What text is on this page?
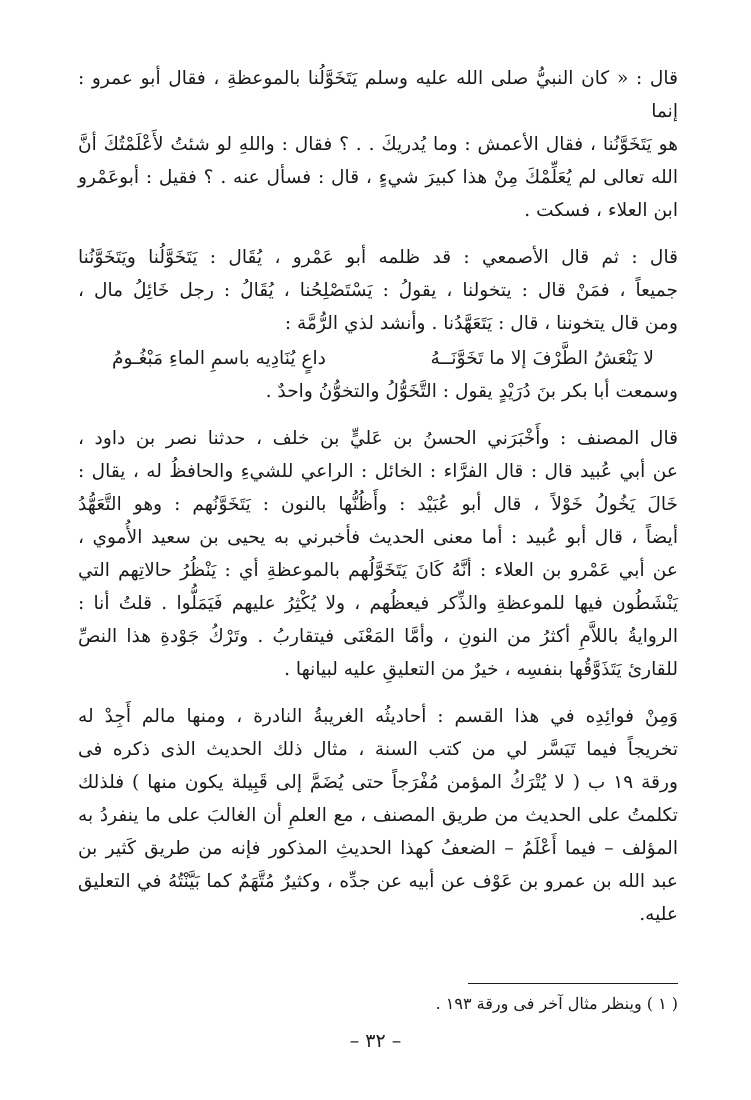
قال : « كان النبيُّ صلى الله عليه وسلم يَتَخَوَّلُنا بالموعظةِ ، فقال أبو عمرو : إنما
هو يَتَخَوَّنُنا ، فقال الأعمش : وما يُدريكَ . . ؟ فقال : واللهِ لو شئتُ لأَعْلَمْتُكَ أنَّ
الله تعالى لم يُعَلِّمْكَ مِنْ هذا كبيرَ شيءٍ ، قال : فسأل عنه . ؟ فقيل : أبوعَمْرو
ابن العلاء ، فسكت .
قال : ثم قال الأصمعي : قد ظلمه أبو عَمْرو ، يُقَال : يَتَخَوَّلُنا ويَتَخَوَّنُنا
جميعاً ، فمَنْ قال : يتخولنا ، يقولُ : يَسْتَصْلِحُنا ، يُقَالُ : رجل خَائِلُ مال ،
ومن قال يتخوننا ، قال : يَتَعَهَّدُنا . وأنشد لذي الرُّمَّة :
لا يَنْعَشُ الطَّرْفَ إلا ما تَخَوَّنَــهُ
داعٍ يُنَادِيه باسمِ الماءِ مَبْغُـومُ
وسمعت أبا بكر بنَ دُرَيْدٍ يقول : التَّخَوُّلُ والتخوُّنُ واحدٌ .
قال المصنف : وأَخْبَرَني الحسنُ بن عَليٍّ بن خلف ، حدثنا نصر بن داود ،
عن أبي عُبيد قال : قال الفرَّاء : الخائل : الراعي للشيءِ والحافظُ له ، يقال :
خَالَ يَخُولُ خَوْلاً ، قال أبو عُبَيْد : وأَظُنُّها بالنون : يَتَخَوَّنُهم : وهو التَّعَهُّدُ
أيضاً ، قال أبو عُبيد : أما معنى الحديث فأخبرني به يحيى بن سعيد الأُموي ،
عن أبي عَمْرو بن العلاء : أنَّهُ كَانَ يَتَخَوَّلُهم بالموعظةِ أي : يَنْظُرُ حالاتِهم التي
يَنْشَطُون فيها للموعظةِ والذِّكر فيعظُهم ، ولا يُكْثِرُ عليهم فَيَمَلُّوا . قلتُ أنا :
الروايةُ باللاَّمِ أكثرُ من النونِ ، وأمَّا المَعْنَى فيتقاربُ . وتَرْكُ جَوْدةِ هذا النصِّ
للقارئ يَتَذَوَّقُها بنفسِه ، خيرٌ من التعليقِ عليه لبيانها .
وَمِنْ فوائِدِه في هذا القسم : أحاديثُه الغريبةُ النادرة ، ومنها مالم أَجِدْ له
تخريجاً فيما تَيَسَّر لي من كتب السنة ، مثال ذلك الحديث الذى ذكره فى
ورقة ١٩ ب ( لا يُتْرَكُ المؤمن مُفْرَجاً حتى يُضَمَّ إلى قَبِيلة يكون منها ) فلذلك
تكلمتُ على الحديث من طريق المصنف ، مع العلمِ أن الغالبَ على ما ينفردُ به
المؤلف – فيما أَعْلَمُ – الضعفُ كهذا الحديثِ المذكور فإنه من طريق كَثير بن
عبد الله بن عمرو بن عَوْف عن أبيه عن جدِّه ، وكثيرٌ مُتَّهَمٌ كما بَيَّنْتُهُ في التعليق عليه.
( ١ ) وينظر مثال آخر فى ورقة ١٩٣ .
– ٣٢ –
